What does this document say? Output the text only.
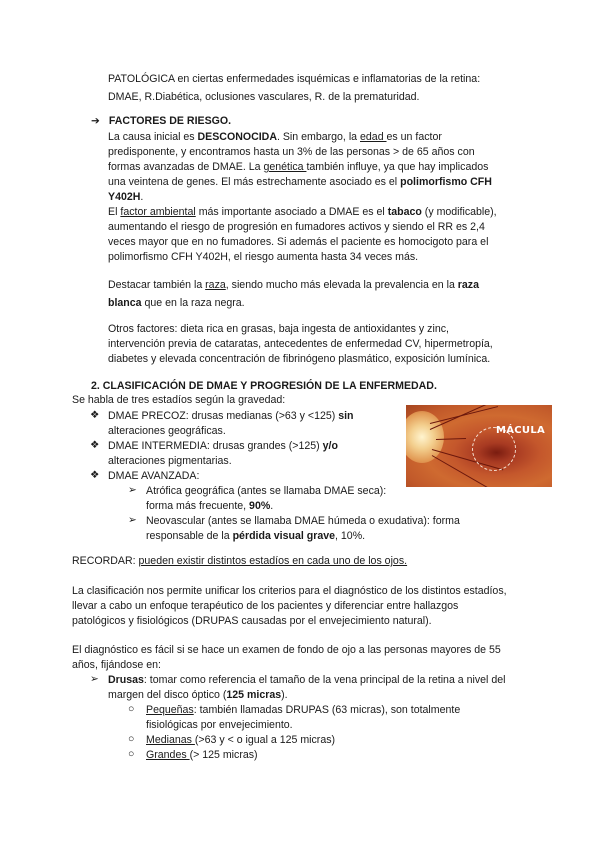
PATOLÓGICA en ciertas enfermedades isquémicas e inflamatorias de la retina:

DMAE, R.Diabética, oclusiones vasculares, R. de la prematuridad.

➔ FACTORES DE RIESGO.

La causa inicial es DESCONOCIDA. Sin embargo, la edad es un factor

predisponente, y encontramos hasta un 3% de las personas > de 65 años con

formas avanzadas de DMAE. La genética también influye, ya que hay implicados

una veintena de genes. El más estrechamente asociado es el polimorfismo CFH

Y402H.

El factor ambiental más importante asociado a DMAE es el tabaco (y modificable),

aumentando el riesgo de progresión en fumadores activos y siendo el RR es 2,4

veces mayor que en no fumadores. Si además el paciente es homocigoto para el

polimorfismo CFH Y402H, el riesgo aumenta hasta 34 veces más.

Destacar también la raza, siendo mucho más elevada la prevalencia en la raza

blanca que en la raza negra.

Otros factores: dieta rica en grasas, baja ingesta de antioxidantes y zinc,

intervención previa de cataratas, antecedentes de enfermedad CV, hipermetropía,

diabetes y elevada concentración de fibrinógeno plasmático, exposición lumínica.

2. CLASIFICACIÓN DE DMAE Y PROGRESIÓN DE LA ENFERMEDAD.
Se habla de tres estadíos según la gravedad:
❖ DMAE PRECOZ: drusas medianas (>63 y <125) sin

alteraciones geográficas.

❖ DMAE INTERMEDIA: drusas grandes (>125) y/o

alteraciones pigmentarias.

❖ DMAE AVANZADA:

➢ Atrófica geográfica (antes se llamaba DMAE seca):

forma más frecuente, 90%.

➢ Neovascular (antes se llamaba DMAE húmeda o exudativa): forma

responsable de la pérdida visual grave, 10%.

MÁCULA
RECORDAR: pueden existir distintos estadíos en cada uno de los ojos.

La clasificación nos permite unificar los criterios para el diagnóstico de los distintos estadíos,

llevar a cabo un enfoque terapéutico de los pacientes y diferenciar entre hallazgos

patológicos y fisiológicos (DRUPAS causadas por el envejecimiento natural).

El diagnóstico es fácil si se hace un examen de fondo de ojo a las personas mayores de 55

años, fijándose en:

➢ Drusas: tomar como referencia el tamaño de la vena principal de la retina a nivel del

margen del disco óptico (125 micras).

○ Pequeñas: también llamadas DRUPAS (63 micras), son totalmente

fisiológicas por envejecimiento.

○ Medianas (>63 y < o igual a 125 micras)

○ Grandes (> 125 micras)
